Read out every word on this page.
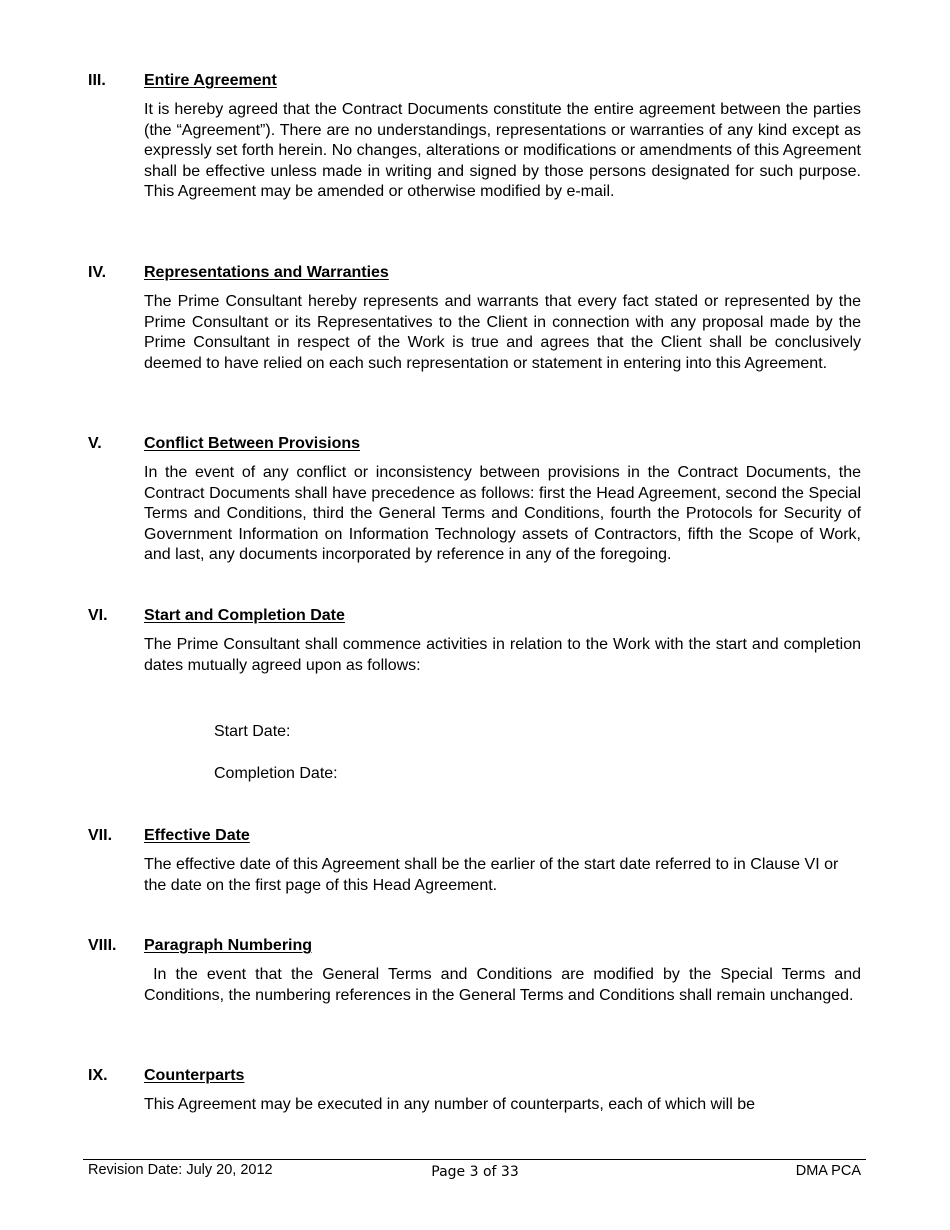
III. Entire Agreement

It is hereby agreed that the Contract Documents constitute the entire agreement between the parties (the “Agreement”). There are no understandings, representations or warranties of any kind except as expressly set forth herein. No changes, alterations or modifications or amendments of this Agreement shall be effective unless made in writing and signed by those persons designated for such purpose. This Agreement may be amended or otherwise modified by e-mail.

IV. Representations and Warranties

The Prime Consultant hereby represents and warrants that every fact stated or represented by the Prime Consultant or its Representatives to the Client in connection with any proposal made by the Prime Consultant in respect of the Work is true and agrees that the Client shall be conclusively deemed to have relied on each such representation or statement in entering into this Agreement.

V.	Conflict Between Provisions

In the event of any conflict or inconsistency between provisions in the Contract Documents, the Contract Documents shall have precedence as follows: first the Head Agreement, second the Special Terms and Conditions, third the General Terms and Conditions, fourth the Protocols for Security of Government Information on Information Technology assets of Contractors, fifth the Scope of Work, and last, any documents incorporated by reference in any of the foregoing.

VI. Start and Completion Date

The Prime Consultant shall commence activities in relation to the Work with the start and completion dates mutually agreed upon as follows:

Start Date:
Completion Date:
VII. Effective Date

The effective date of this Agreement shall be the earlier of the start date referred to in Clause VI or the date on the first page of this Head Agreement.

VIII. Paragraph Numbering

In the event that the General Terms and Conditions are modified by the Special Terms and Conditions, the numbering references in the General Terms and Conditions shall remain unchanged.

IX. Counterparts

This Agreement may be executed in any number of counterparts, each of which will be

Revision Date: July 20, 2012	Page 3 of 33	DMA PCA
